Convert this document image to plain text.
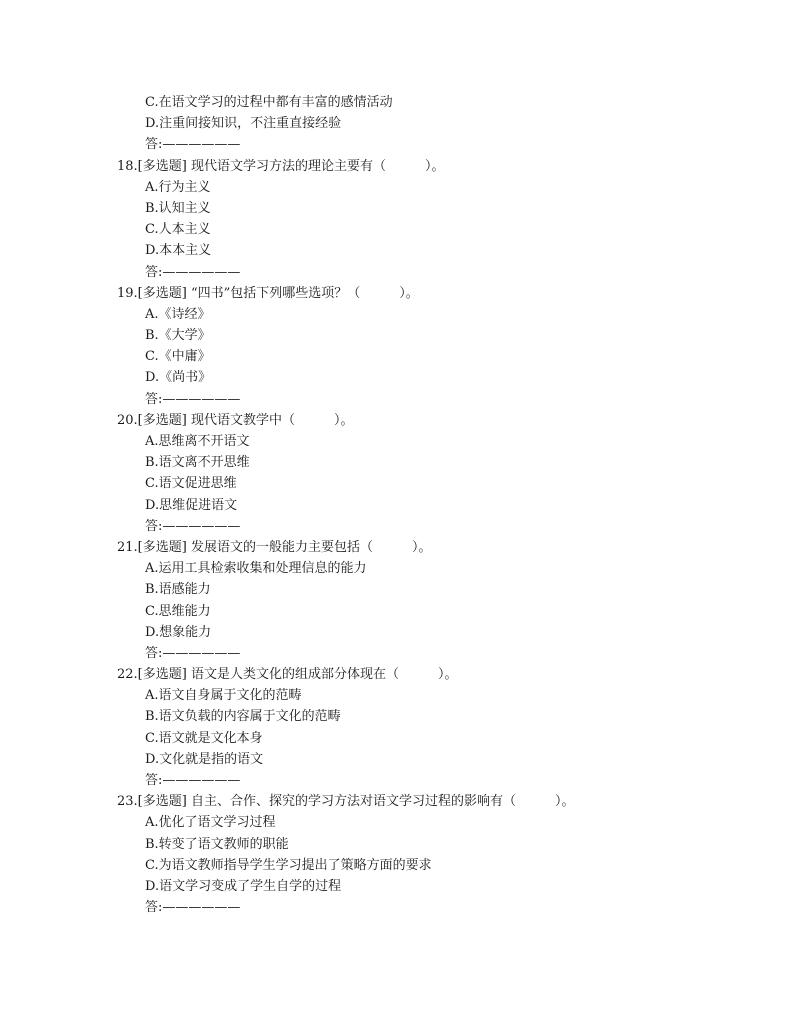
C.在语文学习的过程中都有丰富的感情活动
D.注重间接知识，不注重直接经验
答:——————
18.[多选题] 现代语文学习方法的理论主要有（　　　）。
A.行为主义
B.认知主义
C.人本主义
D.本本主义
答:——————
19.[多选题] “四书”包括下列哪些选项？（　　　）。
A.《诗经》
B.《大学》
C.《中庸》
D.《尚书》
答:——————
20.[多选题] 现代语文教学中（　　　）。
A.思维离不开语文
B.语文离不开思维
C.语文促进思维
D.思维促进语文
答:——————
21.[多选题] 发展语文的一般能力主要包括（　　　）。
A.运用工具检索收集和处理信息的能力
B.语感能力
C.思维能力
D.想象能力
答:——————
22.[多选题] 语文是人类文化的组成部分体现在（　　　）。
A.语文自身属于文化的范畴
B.语文负载的内容属于文化的范畴
C.语文就是文化本身
D.文化就是指的语文
答:——————
23.[多选题] 自主、合作、探究的学习方法对语文学习过程的影响有（　　　）。
A.优化了语文学习过程
B.转变了语文教师的职能
C.为语文教师指导学生学习提出了策略方面的要求
D.语文学习变成了学生自学的过程
答:——————
